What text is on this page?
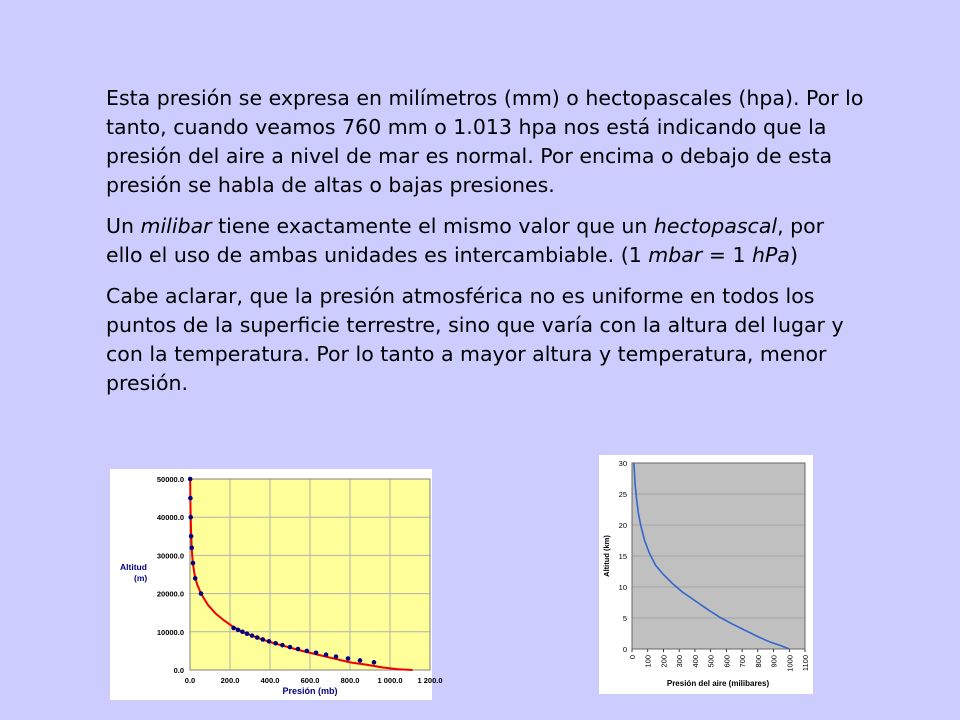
Esta presión se expresa en milímetros (mm) o hectopascales (hpa). Por lo tanto, cuando veamos 760 mm o 1.013 hpa nos está indicando que la presión del aire a nivel de mar es normal. Por encima o debajo de esta presión se habla de altas o bajas presiones.

Un milibar tiene exactamente el mismo valor que un hectopascal, por ello el uso de ambas unidades es intercambiable. (1 mbar = 1 hPa)

Cabe aclarar, que la presión atmosférica no es uniforme en todos los puntos de la superficie terrestre, sino que varía con la altura del lugar y con la temperatura. Por lo tanto a mayor altura y temperatura, menor presión.

0.0	200.0	400.0	600.0	800.0 1 000.0 1 200.0
0.0
10000.0
20000.0
30000.0
40000.0
50000.0
Altitud
(m)
Presión (mb)
0
5
10
15
20
25
30
0 100 200 300 400 500 600 700 800 900 1000 1100
Altitud (km)
Presión del aire (milibares)
